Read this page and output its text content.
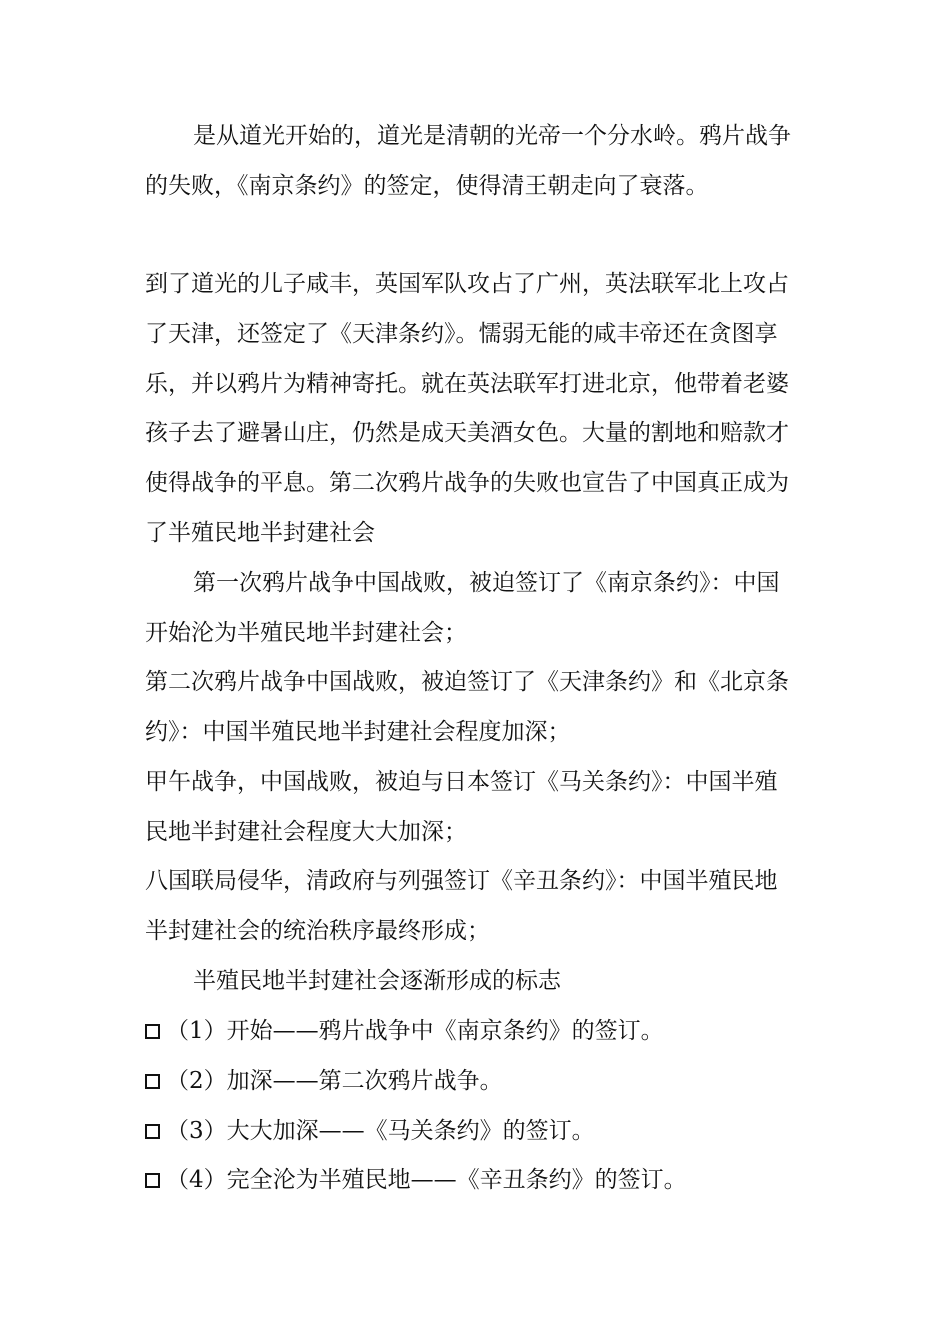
是从道光开始的，道光是清朝的光帝一个分水岭。鸦片战争
的失败，《南京条约》的签定，使得清王朝走向了衰落。
到了道光的儿子咸丰，英国军队攻占了广州，英法联军北上攻占
了天津，还签定了《天津条约》。懦弱无能的咸丰帝还在贪图享
乐，并以鸦片为精神寄托。就在英法联军打进北京，他带着老婆
孩子去了避暑山庄，仍然是成天美酒女色。大量的割地和赔款才
使得战争的平息。第二次鸦片战争的失败也宣告了中国真正成为
了半殖民地半封建社会
第一次鸦片战争中国战败，被迫签订了《南京条约》：中国
开始沦为半殖民地半封建社会；
第二次鸦片战争中国战败，被迫签订了《天津条约》和《北京条
约》：中国半殖民地半封建社会程度加深；
甲午战争，中国战败，被迫与日本签订《马关条约》：中国半殖
民地半封建社会程度大大加深；
八国联局侵华，清政府与列强签订《辛丑条约》：中国半殖民地
半封建社会的统治秩序最终形成；
半殖民地半封建社会逐渐形成的标志
（1）开始——鸦片战争中《南京条约》的签订。
（2）加深——第二次鸦片战争。
（3）大大加深——《马关条约》的签订。
（4）完全沦为半殖民地——《辛丑条约》的签订。
